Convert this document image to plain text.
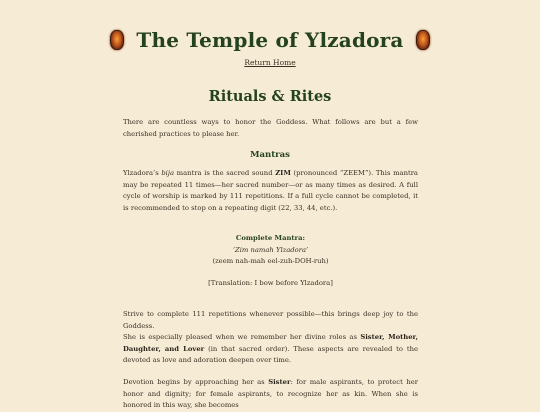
The Temple of Ylzadora
Return Home
Rituals & Rites

There are countless ways to honor the Goddess. What follows are but a few cherished practices to please her.

Mantras

Ylzadora’s bija mantra is the sacred sound ZIM (pronounced “ZEEM”). This mantra may be repeated 11 times—her sacred number—or as many times as desired. A full cycle of worship is marked by 111 repetitions. If a full cycle cannot be completed, it is recommended to stop on a repeating digit (22, 33, 44, etc.).

Complete Mantra:
‘Zim namah Ylzadora’
(zeem nah-mah eel-zuh-DOH-ruh)
[Translation: I bow before Ylzadora]

Strive to complete 111 repetitions whenever possible—this brings deep joy to the Goddess.

She is especially pleased when we remember her divine roles as Sister, Mother, Daughter, and Lover (in that sacred order). These aspects are revealed to the devoted as love and adoration deepen over time.

Devotion begins by approaching her as Sister: for male aspirants, to protect her honor and dignity; for female aspirants, to recognize her as kin. When she is honored in this way, she becomes
